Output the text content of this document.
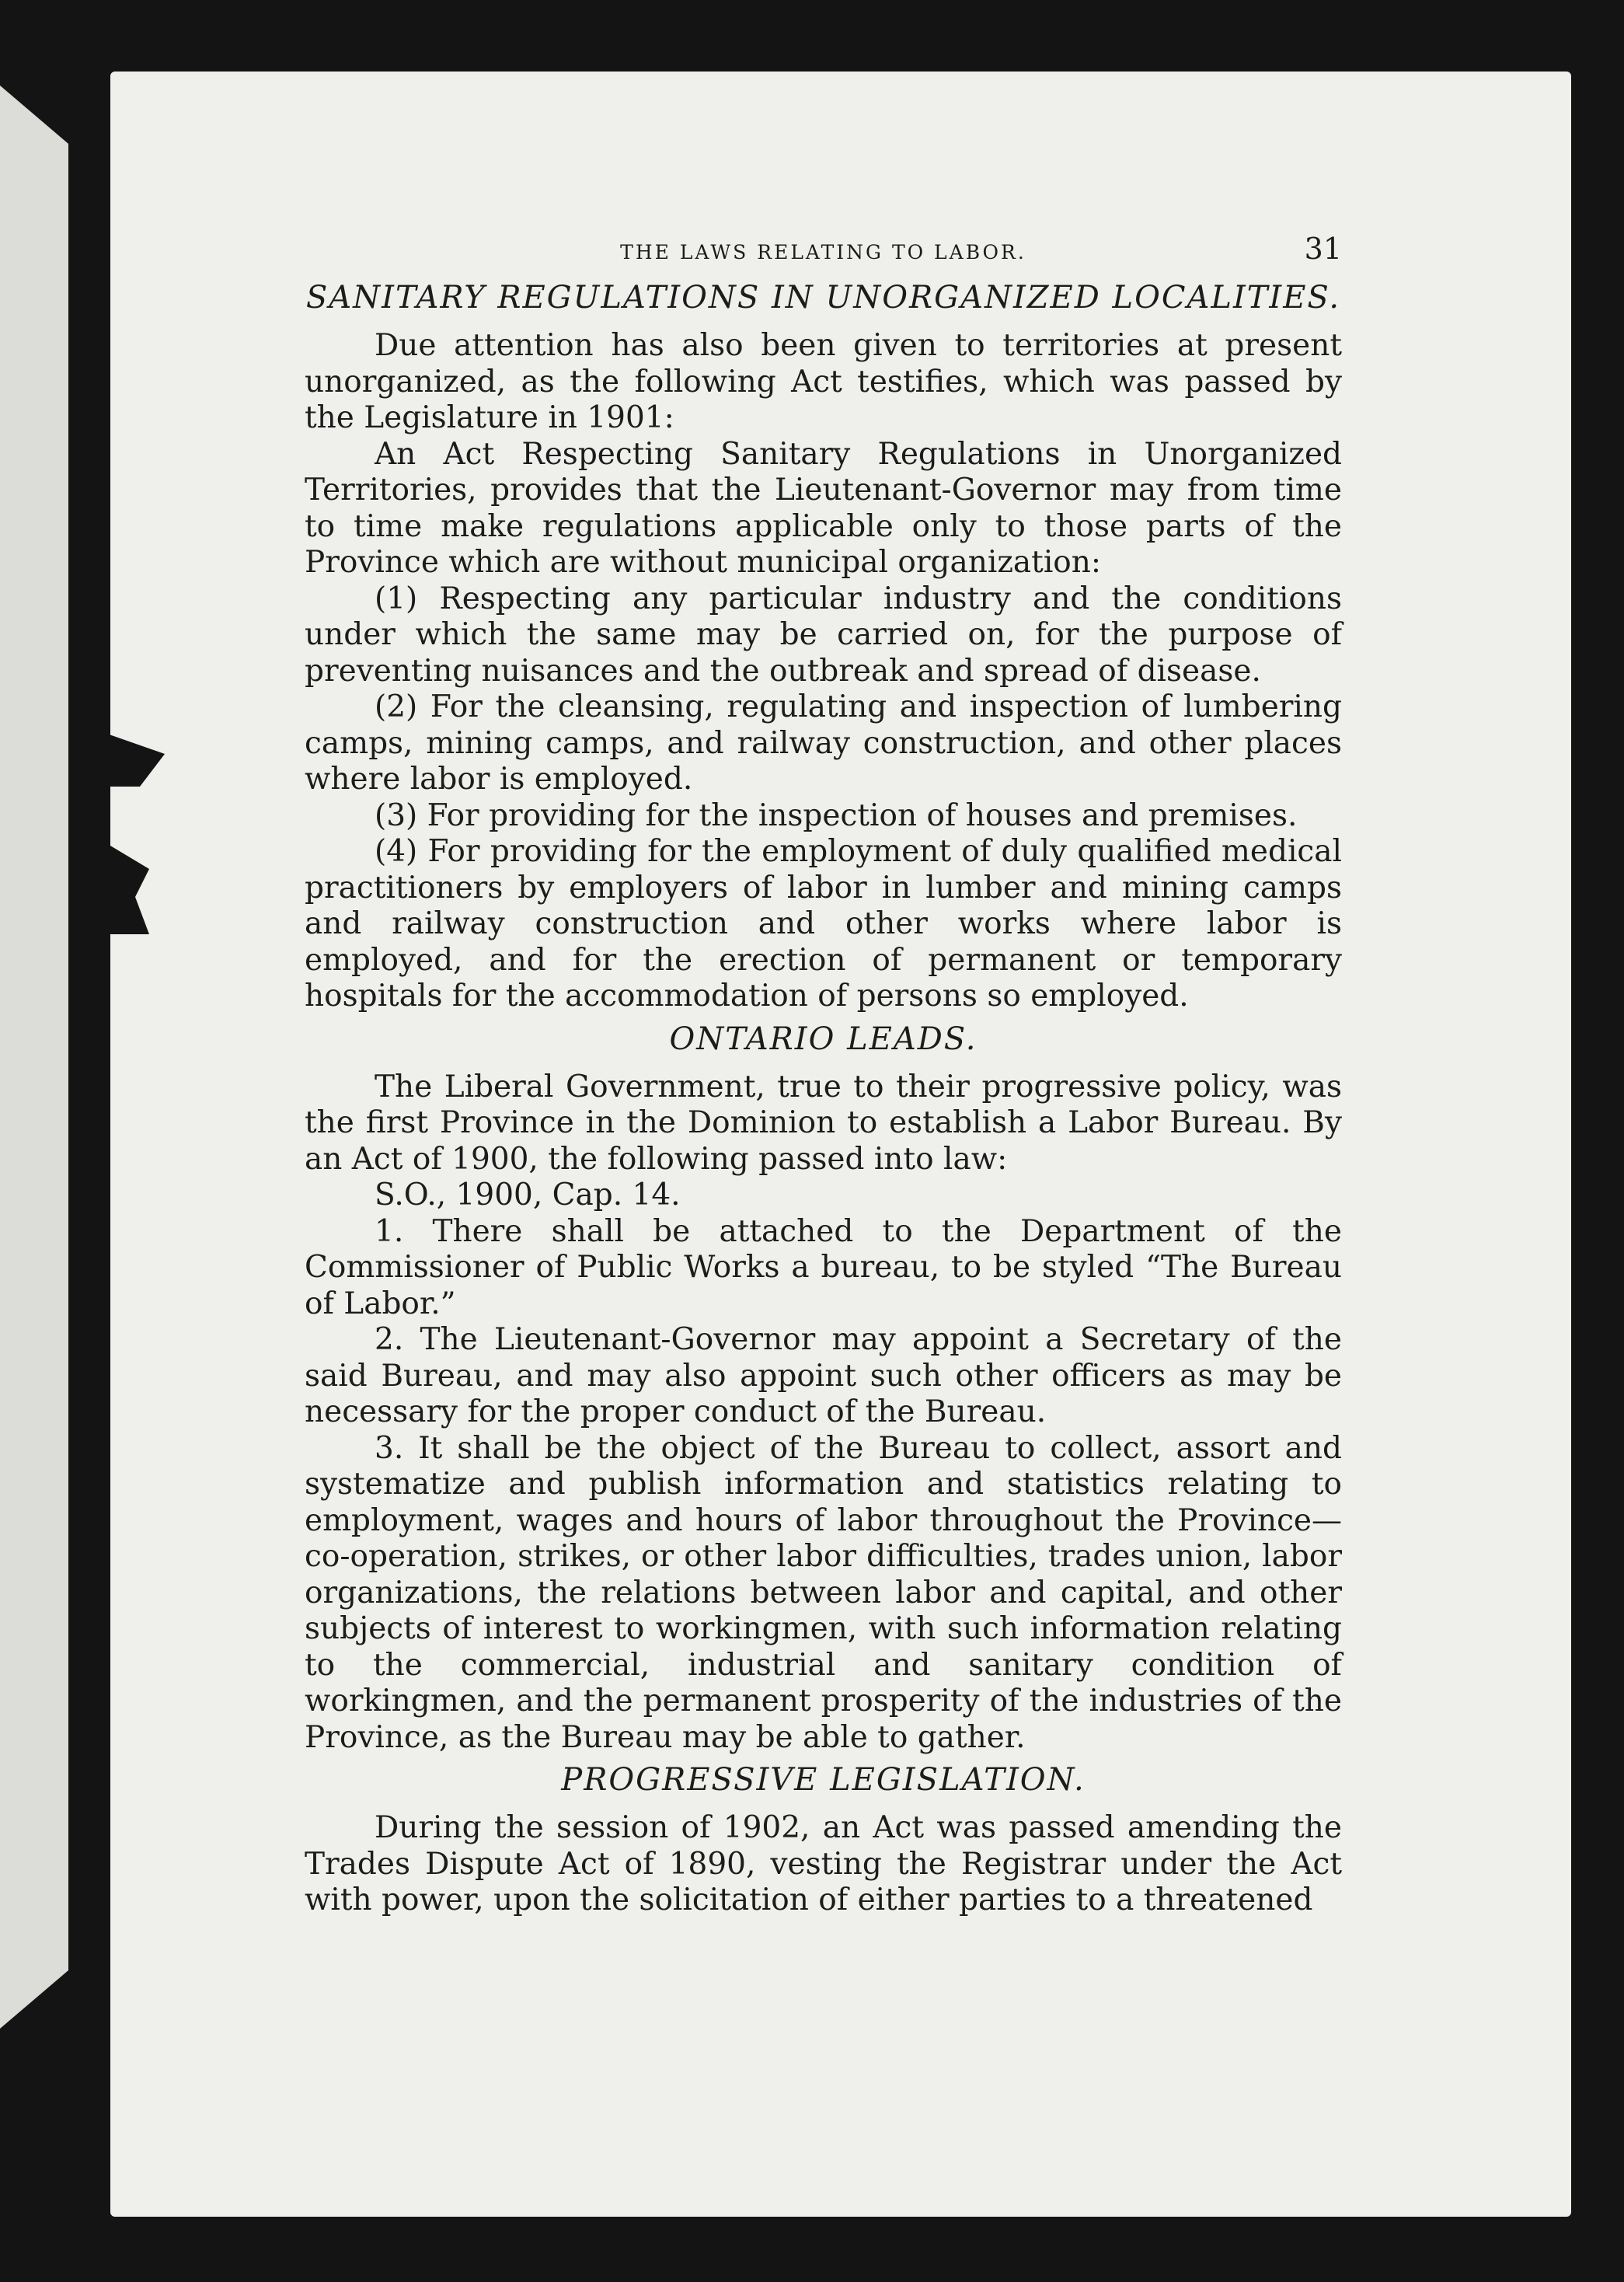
THE LAWS RELATING TO LABOR.	31
SANITARY REGULATIONS IN UNORGANIZED LOCALITIES.

Due attention has also been given to territories at present unorganized, as the following Act testifies, which was passed by the Legislature in 1901:

An Act Respecting Sanitary Regulations in Unorganized Territories, provides that the Lieutenant-Governor may from time to time make regulations applicable only to those parts of the Province which are without municipal organization:

(1) Respecting any particular industry and the conditions under which the same may be carried on, for the purpose of preventing nuisances and the outbreak and spread of disease.

(2) For the cleansing, regulating and inspection of lumbering camps, mining camps, and railway construction, and other places where labor is employed.

(3) For providing for the inspection of houses and premises.

(4) For providing for the employment of duly qualified medical practitioners by employers of labor in lumber and mining camps and railway construction and other works where labor is employed, and for the erection of permanent or temporary hospitals for the accommodation of persons so employed.

ONTARIO LEADS.

The Liberal Government, true to their progressive policy, was the first Province in the Dominion to establish a Labor Bureau. By an Act of 1900, the following passed into law:

S.O., 1900, Cap. 14.

1. There shall be attached to the Department of the Commissioner of Public Works a bureau, to be styled “The Bureau of Labor.”

2. The Lieutenant-Governor may appoint a Secretary of the said Bureau, and may also appoint such other officers as may be necessary for the proper conduct of the Bureau.

3. It shall be the object of the Bureau to collect, assort and systematize and publish information and statistics relating to employment, wages and hours of labor throughout the Province—co-operation, strikes, or other labor difficulties, trades union, labor organizations, the relations between labor and capital, and other subjects of interest to workingmen, with such information relating to the commercial, industrial and sanitary condition of workingmen, and the permanent prosperity of the industries of the Province, as the Bureau may be able to gather.

PROGRESSIVE LEGISLATION.

During the session of 1902, an Act was passed amending the Trades Dispute Act of 1890, vesting the Registrar under the Act with power, upon the solicitation of either parties to a threatened
